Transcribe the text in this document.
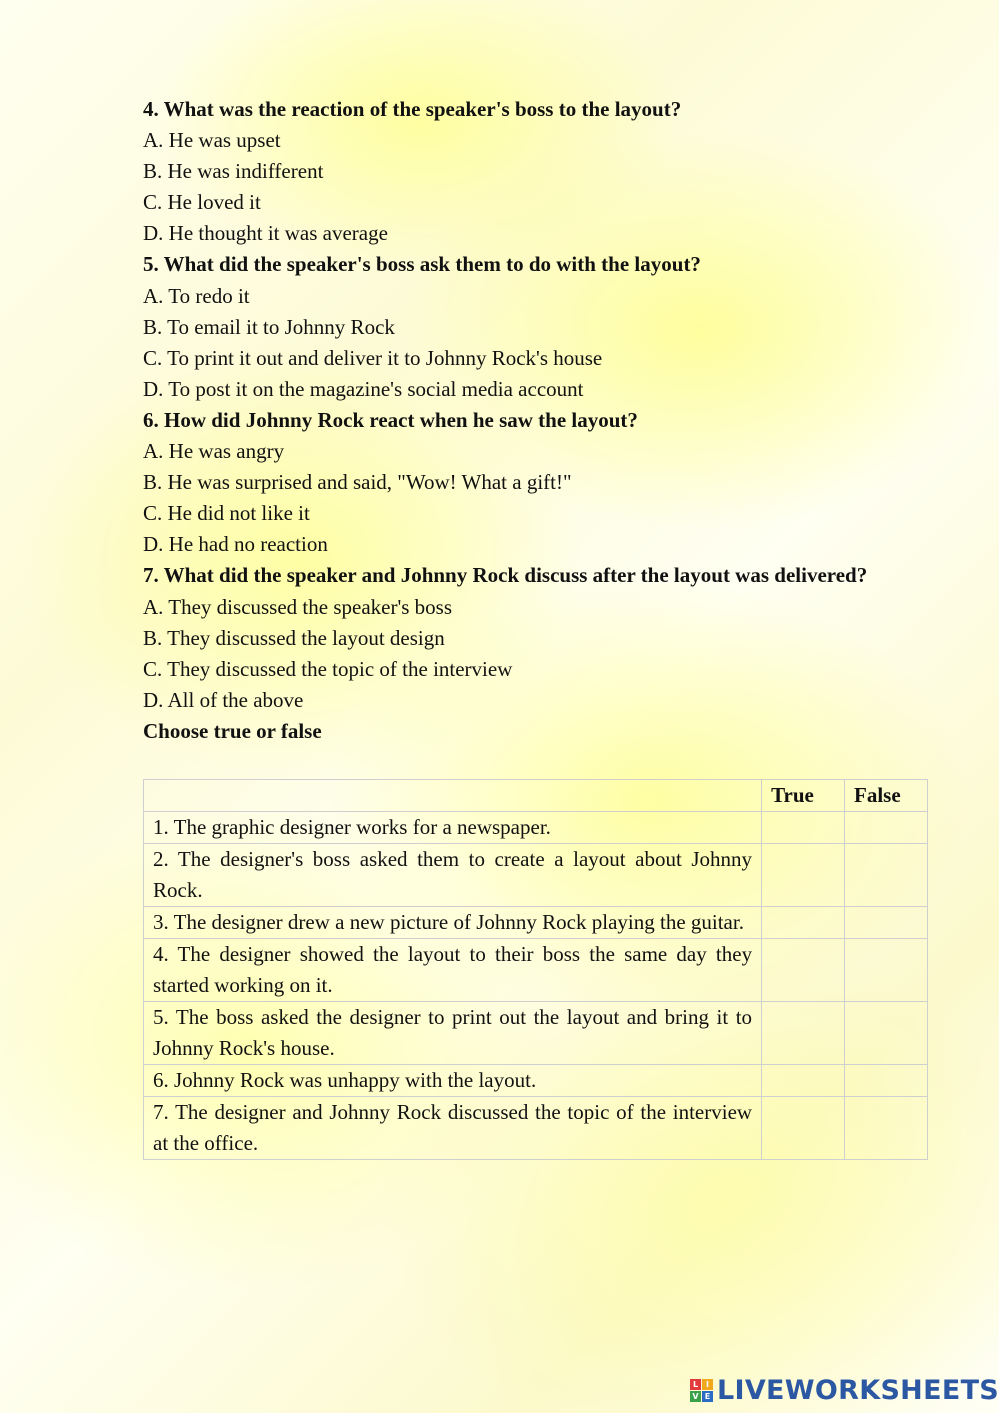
4. What was the reaction of the speaker's boss to the layout?
A. He was upset
B. He was indifferent
C. He loved it
D. He thought it was average
5. What did the speaker's boss ask them to do with the layout?
A. To redo it
B. To email it to Johnny Rock
C. To print it out and deliver it to Johnny Rock's house
D. To post it on the magazine's social media account
6. How did Johnny Rock react when he saw the layout?
A. He was angry
B. He was surprised and said, "Wow! What a gift!"
C. He did not like it
D. He had no reaction
7. What did the speaker and Johnny Rock discuss after the layout was delivered?
A. They discussed the speaker's boss
B. They discussed the layout design
C. They discussed the topic of the interview
D. All of the above
Choose true or false
	True	False
1. The graphic designer works for a newspaper.		
2. The designer's boss asked them to create a layout about Johnny Rock.		
3. The designer drew a new picture of Johnny Rock playing the guitar.		
4. The designer showed the layout to their boss the same day they started working on it.		
5. The boss asked the designer to print out the layout and bring it to Johnny Rock's house.		
6. Johnny Rock was unhappy with the layout.		
7. The designer and Johnny Rock discussed the topic of the interview at the office.		
L I
V E LIVEWORKSHEETS
